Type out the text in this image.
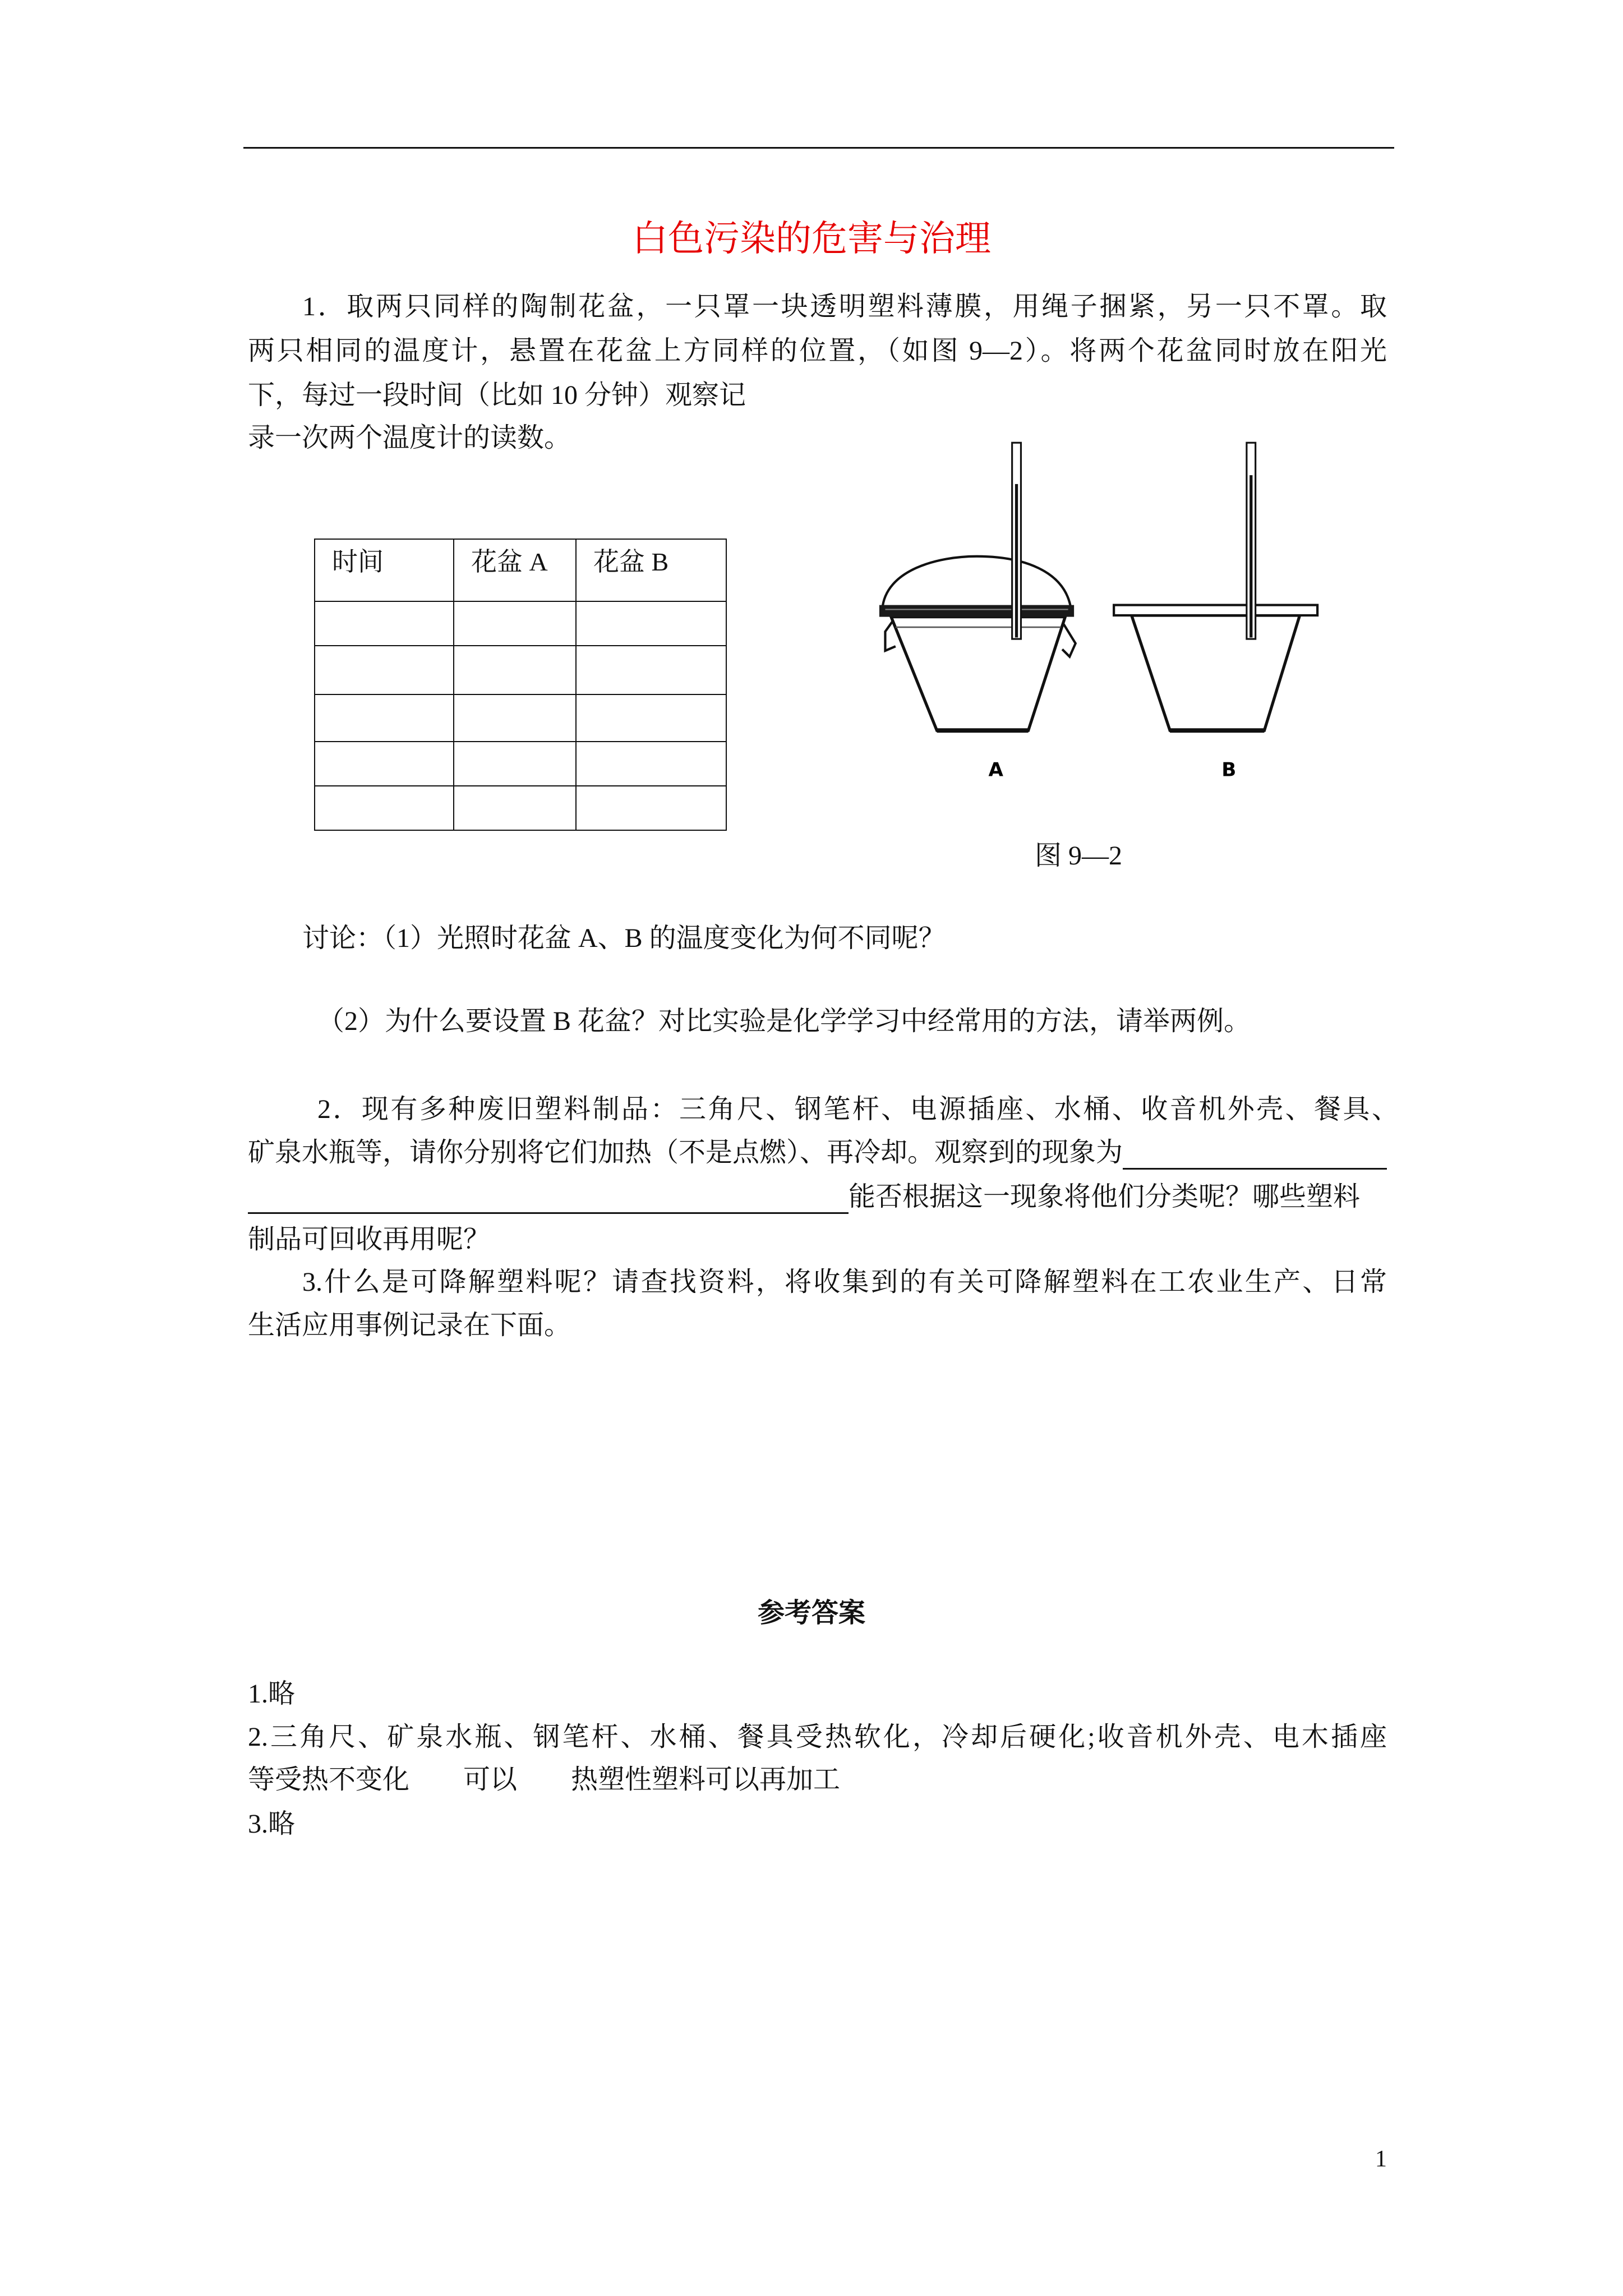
白色污染的危害与治理
1．取两只同样的陶制花盆，一只罩一块透明塑料薄膜，用绳子捆紧，另一只不罩。取
两只相同的温度计，悬置在花盆上方同样的位置，（如图 9—2）。将两个花盆同时放在阳光
下，每过一段时间（比如 10 分钟）观察记
录一次两个温度计的读数。
时间	花盆 A	花盆 B

A	B
图 9—2
讨论：（1）光照时花盆 A、B 的温度变化为何不同呢？
（2）为什么要设置 B 花盆？对比实验是化学学习中经常用的方法，请举两例。
2．现有多种废旧塑料制品：三角尺、钢笔杆、电源插座、水桶、收音机外壳、餐具、
矿泉水瓶等，请你分别将它们加热（不是点燃）、再冷却。观察到的现象为
能否根据这一现象将他们分类呢？哪些塑料
制品可回收再用呢？
3.什么是可降解塑料呢？请查找资料，将收集到的有关可降解塑料在工农业生产、日常
生活应用事例记录在下面。
参考答案
1.略
2.三角尺、矿泉水瓶、钢笔杆、水桶、餐具受热软化，冷却后硬化;收音机外壳、电木插座
等受热不变化　　可以　　热塑性塑料可以再加工
3.略
1
